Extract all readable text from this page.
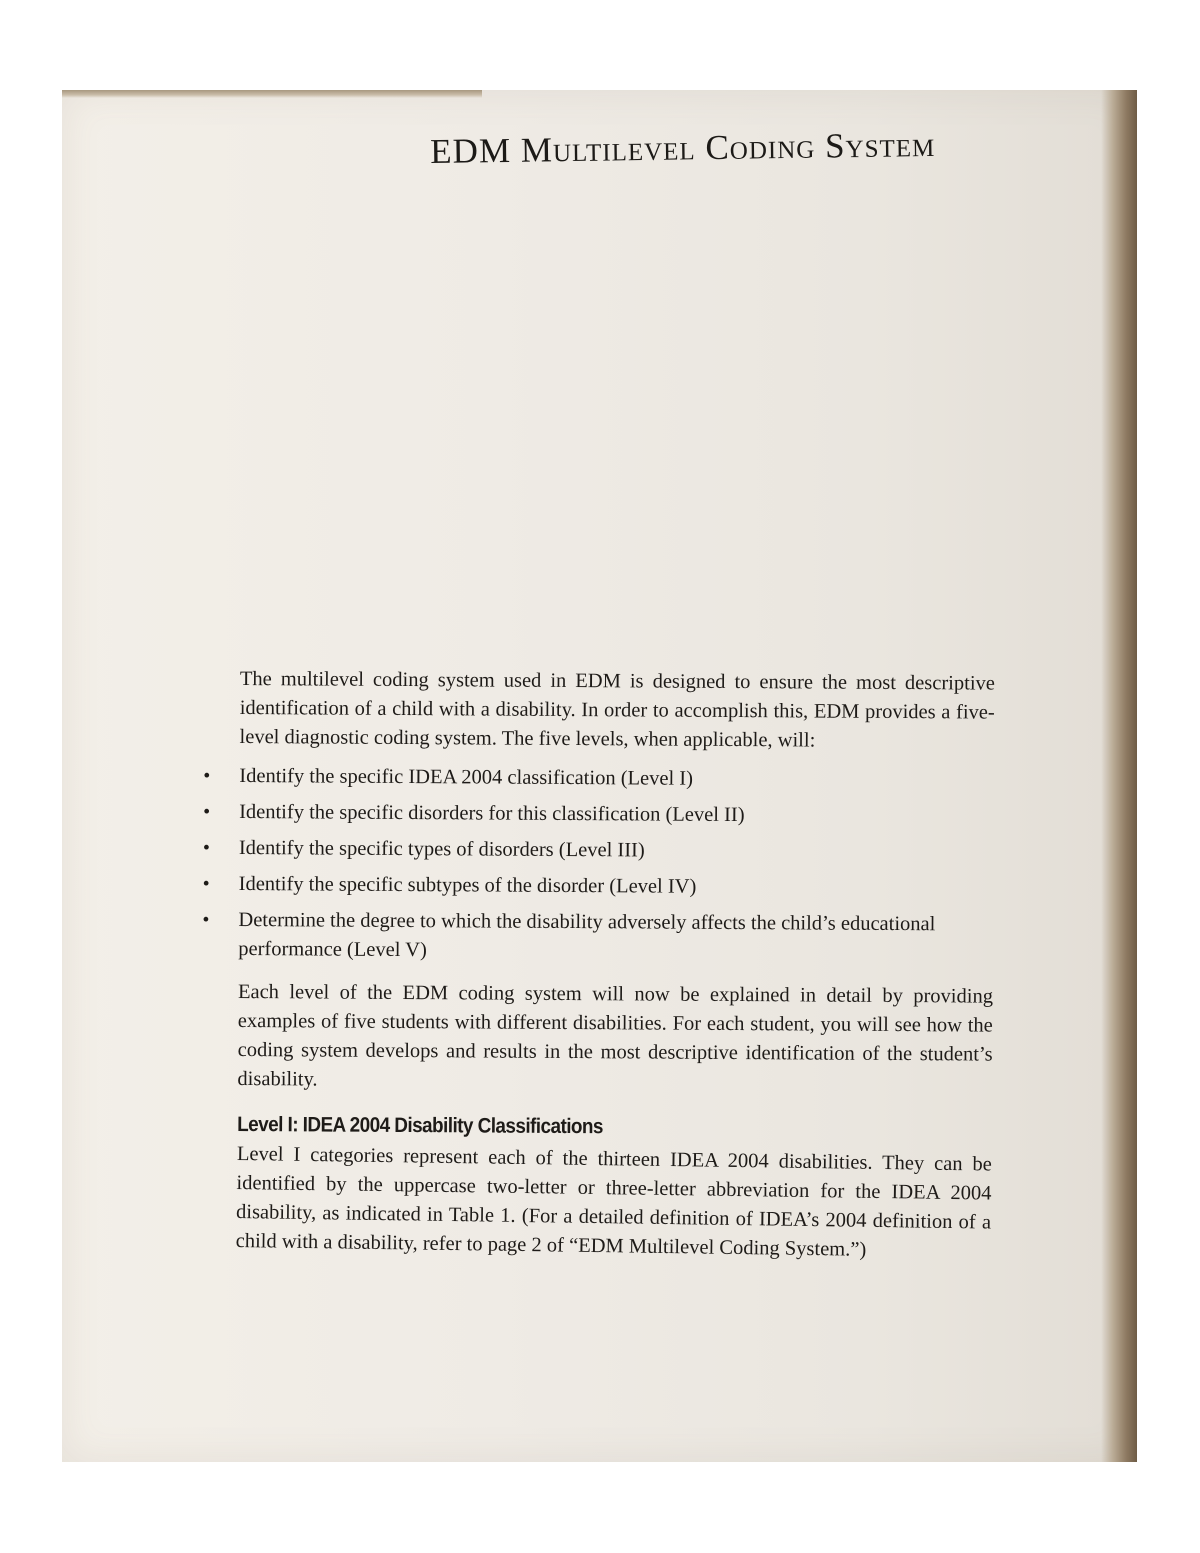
EDM Multilevel Coding System

The multilevel coding system used in EDM is designed to ensure the most descriptive identification of a child with a disability. In order to accomplish this, EDM provides a five-level diagnostic coding system. The five levels, when applicable, will:

• Identify the specific IDEA 2004 classification (Level I)
• Identify the specific disorders for this classification (Level II)
• Identify the specific types of disorders (Level III)
• Identify the specific subtypes of the disorder (Level IV)
• Determine the degree to which the disability adversely affects the child’s educational performance (Level V)

Each level of the EDM coding system will now be explained in detail by providing examples of five students with different disabilities. For each student, you will see how the coding system develops and results in the most descriptive identification of the student’s disability.

Level I: IDEA 2004 Disability Classifications

Level I categories represent each of the thirteen IDEA 2004 disabilities. They can be identified by the uppercase two-letter or three-letter abbreviation for the IDEA 2004 disability, as indicated in Table 1. (For a detailed definition of IDEA’s 2004 definition of a child with a disability, refer to page 2 of “EDM Multilevel Coding System.”)
